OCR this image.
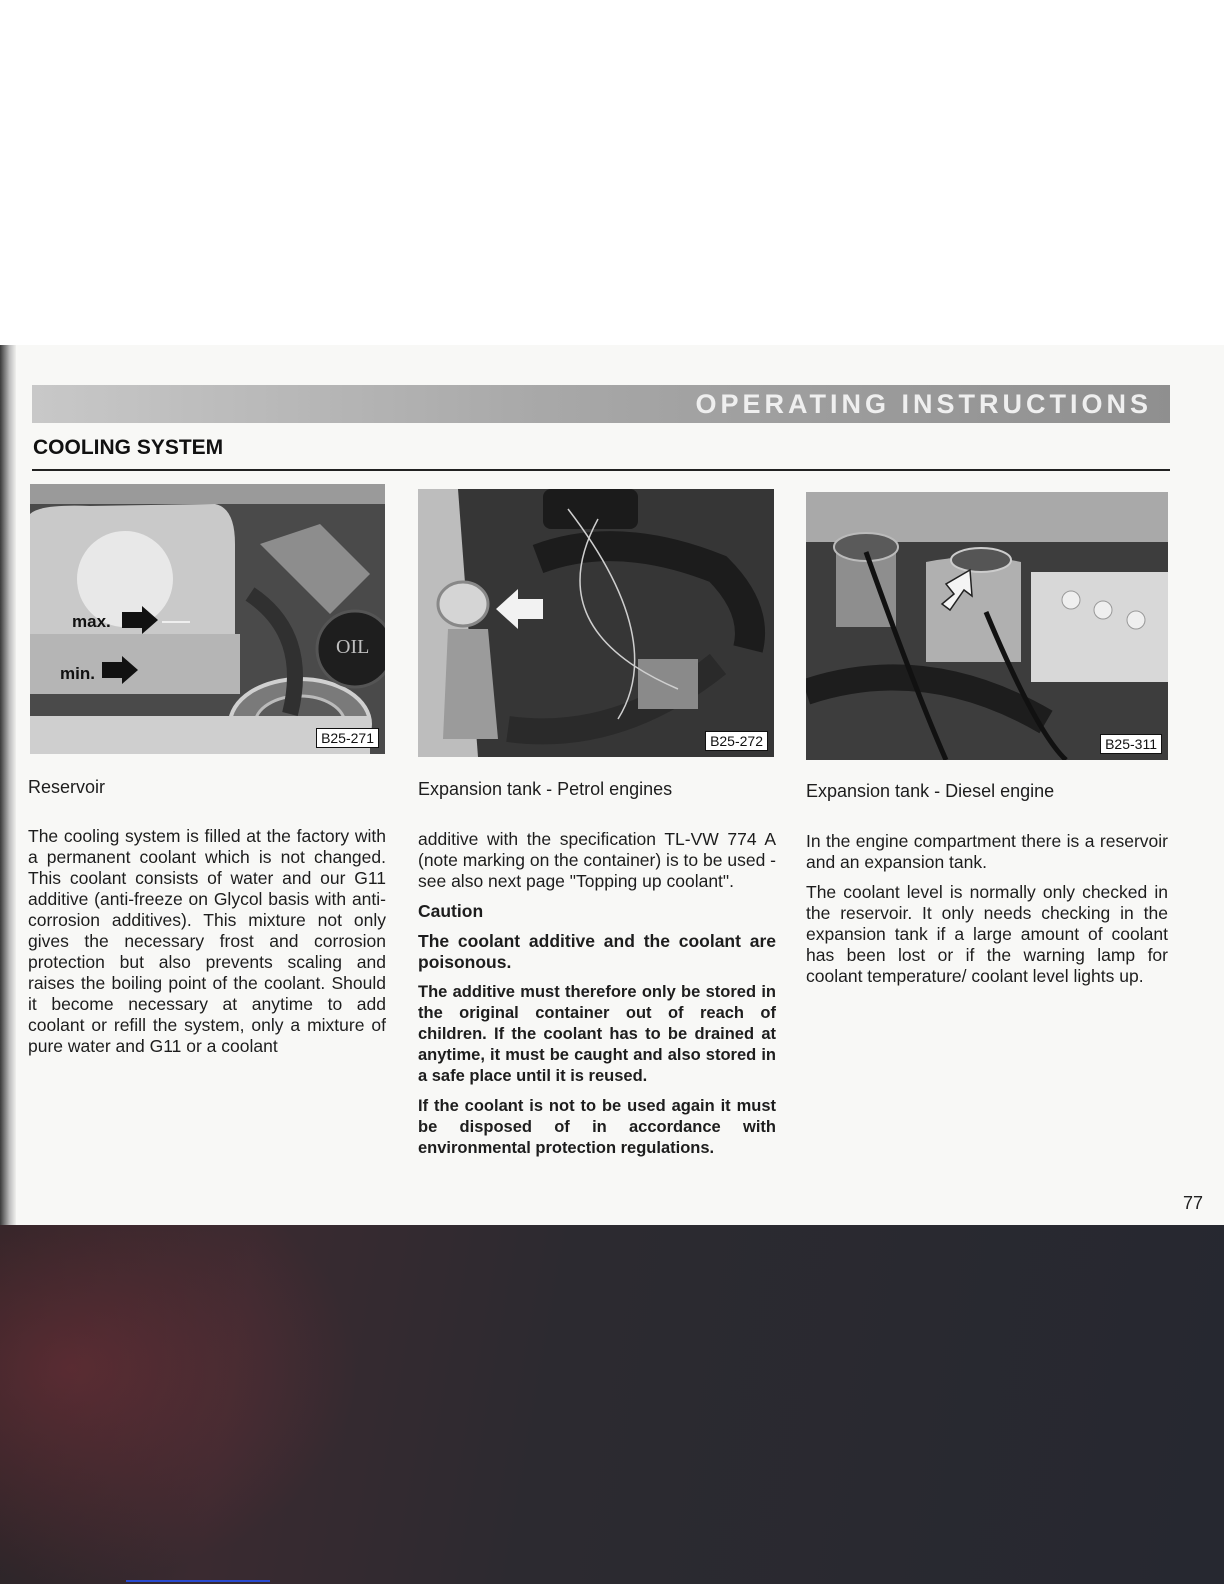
OPERATING INSTRUCTIONS
COOLING SYSTEM
max.
min.
OIL
B25-271	B25-272	B25-311
Reservoir	Expansion tank - Petrol engines	Expansion tank - Diesel engine

The cooling system is filled at the factory with a permanent coolant which is not changed. This coolant consists of water and our G11 additive (anti-freeze on Glycol basis with anti-corrosion additives). This mixture not only gives the necessary frost and corrosion protection but also prevents scaling and raises the boiling point of the coolant. Should it become necessary at anytime to add coolant or refill the system, only a mixture of pure water and G11 or a coolant

additive with the specification TL-VW 774 A (note marking on the container) is to be used - see also next page "Topping up coolant".

Caution

The coolant additive and the coolant are poisonous.

The additive must therefore only be stored in the original container out of reach of children. If the coolant has to be drained at anytime, it must be caught and also stored in a safe place until it is reused.

If the coolant is not to be used again it must be disposed of in accordance with environmental protection regulations.

In the engine compartment there is a reservoir and an expansion tank.

The coolant level is normally only checked in the reservoir. It only needs checking in the expansion tank if a large amount of coolant has been lost or if the warning lamp for coolant temperature/ coolant level lights up.

77
